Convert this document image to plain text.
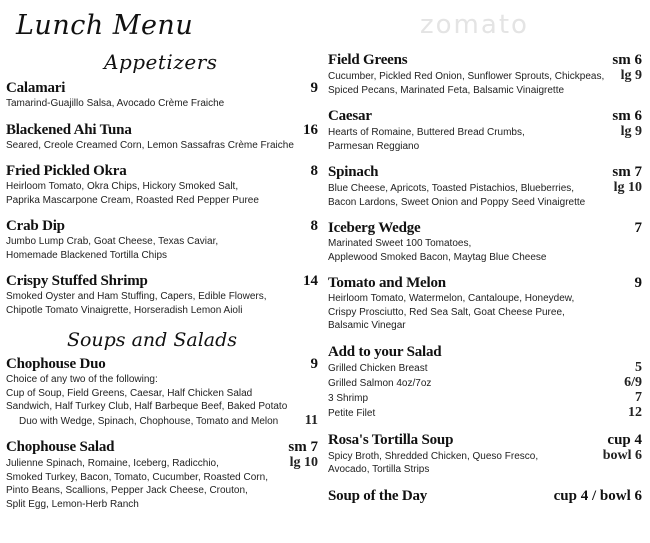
zomato
Lunch Menu
Appetizers
Calamari	9
Tamarind-Guajillo Salsa, Avocado Crème Fraiche
Blackened Ahi Tuna	16
Seared, Creole Creamed Corn, Lemon Sassafras Crème Fraiche
Fried Pickled Okra	8
Heirloom Tomato, Okra Chips, Hickory Smoked Salt,
Paprika Mascarpone Cream, Roasted Red Pepper Puree
Crab Dip	8
Jumbo Lump Crab, Goat Cheese, Texas Caviar,
Homemade Blackened Tortilla Chips
Crispy Stuffed Shrimp	14
Smoked Oyster and Ham Stuffing, Capers, Edible Flowers,
Chipotle Tomato Vinaigrette, Horseradish Lemon Aioli
Soups and Salads
Chophouse Duo	9
Choice of any two of the following:
Cup of Soup, Field Greens, Caesar, Half Chicken Salad
Sandwich, Half Turkey Club, Half Barbeque Beef, Baked Potato
Duo with Wedge, Spinach, Chophouse, Tomato and Melon	11
Chophouse Salad	sm 7
Julienne Spinach, Romaine, Iceberg, Radicchio,	lg 10
Smoked Turkey, Bacon, Tomato, Cucumber, Roasted Corn,
Pinto Beans, Scallions, Pepper Jack Cheese, Crouton,
Split Egg, Lemon-Herb Ranch
Field Greens	sm 6
Cucumber, Pickled Red Onion, Sunflower Sprouts, Chickpeas,	lg 9
Spiced Pecans, Marinated Feta, Balsamic Vinaigrette
Caesar	sm 6
Hearts of Romaine, Buttered Bread Crumbs,	lg 9
Parmesan Reggiano
Spinach	sm 7
Blue Cheese, Apricots, Toasted Pistachios, Blueberries,	lg 10
Bacon Lardons, Sweet Onion and Poppy Seed Vinaigrette
Iceberg Wedge	7
Marinated Sweet 100 Tomatoes,
Applewood Smoked Bacon, Maytag Blue Cheese
Tomato and Melon	9
Heirloom Tomato, Watermelon, Cantaloupe, Honeydew,
Crispy Prosciutto, Red Sea Salt, Goat Cheese Puree,
Balsamic Vinegar
Add to your Salad
Grilled Chicken Breast	5
Grilled Salmon 4oz/7oz	6/9
3 Shrimp	7
Petite Filet	12
Rosa's Tortilla Soup	cup 4
Spicy Broth, Shredded Chicken, Queso Fresco,	bowl 6
Avocado, Tortilla Strips
Soup of the Day	cup 4 / bowl 6
